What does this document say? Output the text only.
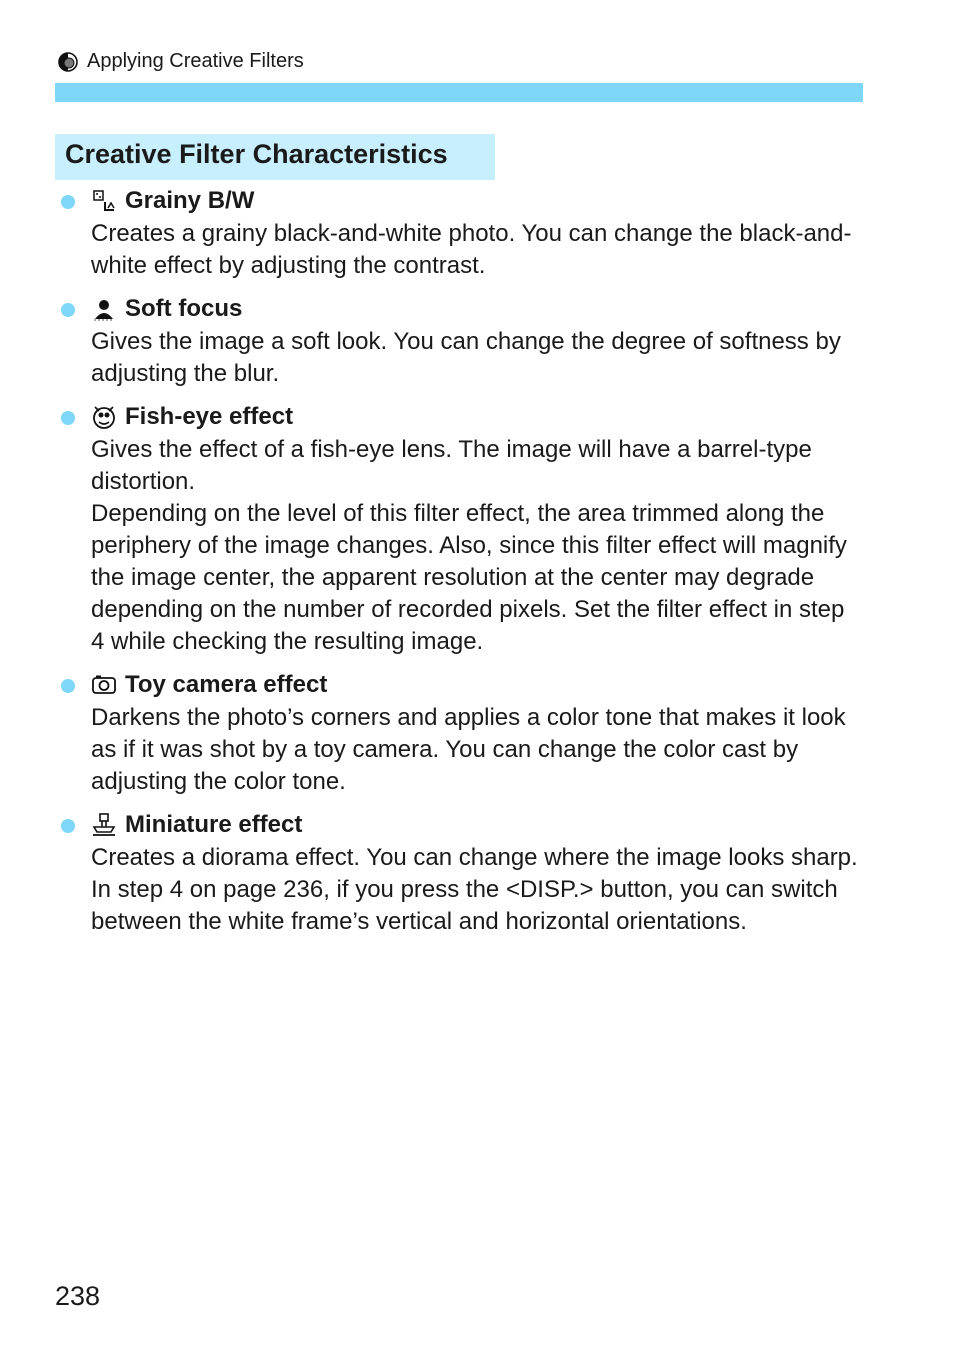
Applying Creative Filters
Creative Filter Characteristics
Grainy B/W
Creates a grainy black-and-white photo. You can change the black-and-white effect by adjusting the contrast.
Soft focus
Gives the image a soft look. You can change the degree of softness by adjusting the blur.
Fish-eye effect
Gives the effect of a fish-eye lens. The image will have a barrel-type distortion.
Depending on the level of this filter effect, the area trimmed along the periphery of the image changes. Also, since this filter effect will magnify the image center, the apparent resolution at the center may degrade depending on the number of recorded pixels. Set the filter effect in step 4 while checking the resulting image.
Toy camera effect
Darkens the photo’s corners and applies a color tone that makes it look as if it was shot by a toy camera. You can change the color cast by adjusting the color tone.
Miniature effect
Creates a diorama effect. You can change where the image looks sharp. In step 4 on page 236, if you press the <DISP.> button, you can switch between the white frame’s vertical and horizontal orientations.
238
